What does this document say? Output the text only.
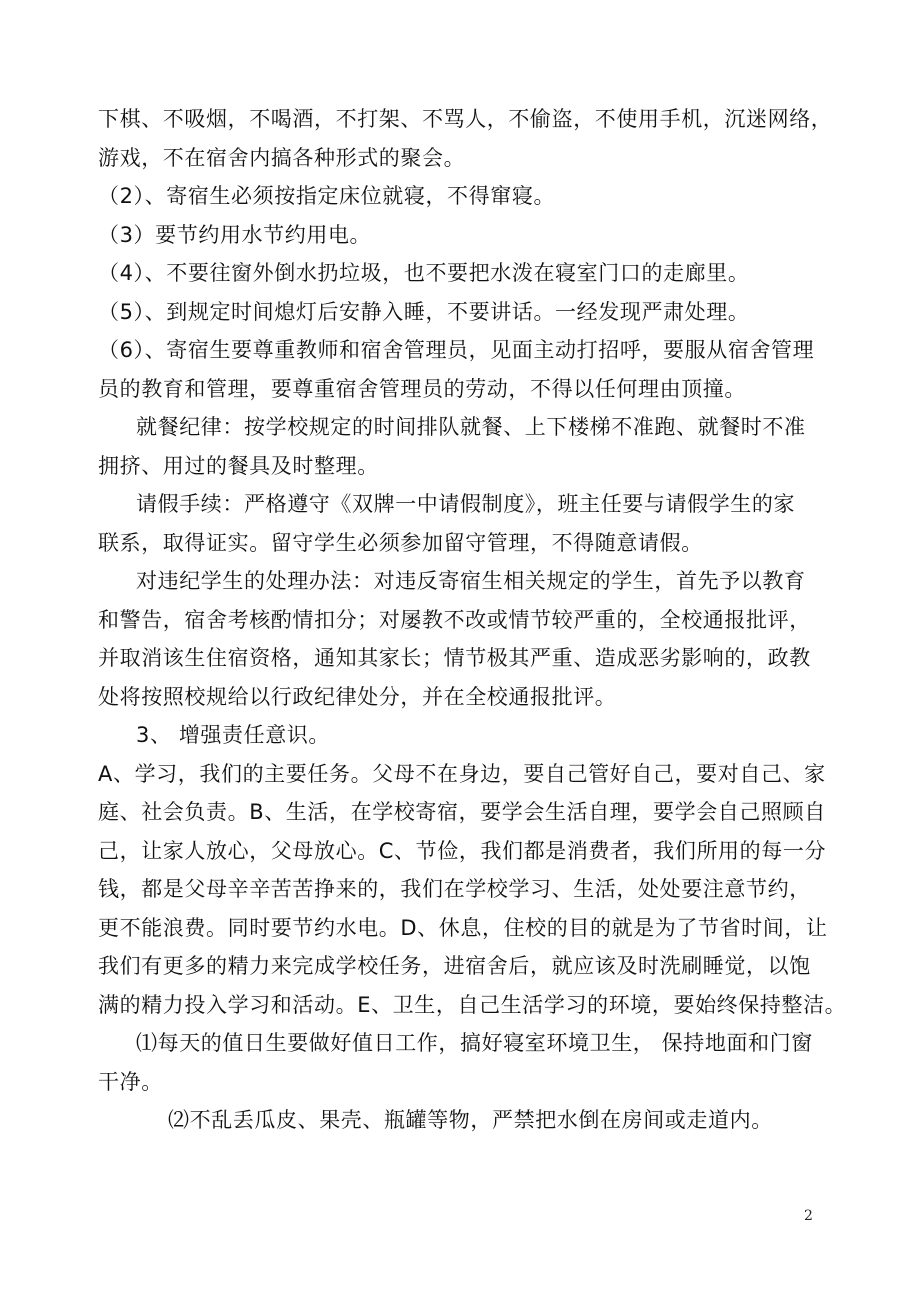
下棋、不吸烟，不喝酒，不打架、不骂人，不偷盗，不使用手机，沉迷网络，
游戏，不在宿舍内搞各种形式的聚会。
（2）、寄宿生必须按指定床位就寝，不得窜寝。
（3）要节约用水节约用电。
（4）、不要往窗外倒水扔垃圾，也不要把水泼在寝室门口的走廊里。
（5）、到规定时间熄灯后安静入睡，不要讲话。一经发现严肃处理。
（6）、寄宿生要尊重教师和宿舍管理员，见面主动打招呼，要服从宿舍管理
员的教育和管理，要尊重宿舍管理员的劳动，不得以任何理由顶撞。
就餐纪律：按学校规定的时间排队就餐、上下楼梯不准跑、就餐时不准
拥挤、用过的餐具及时整理。
请假手续：严格遵守《双牌一中请假制度》，班主任要与请假学生的家
联系，取得证实。留守学生必须参加留守管理，不得随意请假。
对违纪学生的处理办法：对违反寄宿生相关规定的学生，首先予以教育
和警告，宿舍考核酌情扣分；对屡教不改或情节较严重的，全校通报批评，
并取消该生住宿资格，通知其家长；情节极其严重、造成恶劣影响的，政教
处将按照校规给以行政纪律处分，并在全校通报批评。
3、 增强责任意识。
A、学习，我们的主要任务。父母不在身边，要自己管好自己，要对自己、家
庭、社会负责。B、生活，在学校寄宿，要学会生活自理，要学会自己照顾自
己，让家人放心，父母放心。C、节俭，我们都是消费者，我们所用的每一分
钱，都是父母辛辛苦苦挣来的，我们在学校学习、生活，处处要注意节约，
更不能浪费。同时要节约水电。D、休息，住校的目的就是为了节省时间，让
我们有更多的精力来完成学校任务，进宿舍后，就应该及时洗刷睡觉，以饱
满的精力投入学习和活动。E、卫生，自己生活学习的环境，要始终保持整洁。
⑴每天的值日生要做好值日工作，搞好寝室环境卫生， 保持地面和门窗
干净。
⑵不乱丢瓜皮、果壳、瓶罐等物，严禁把水倒在房间或走道内。
2
